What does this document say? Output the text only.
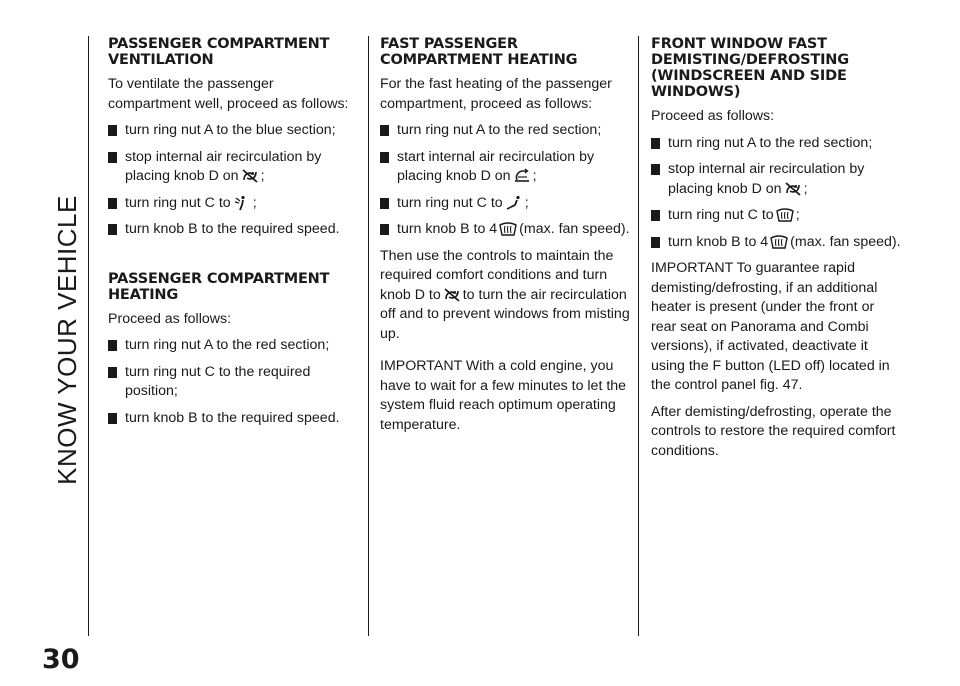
KNOW YOUR VEHICLE
30
PASSENGER COMPARTMENT VENTILATION

To ventilate the passenger compartment well, proceed as follows:

turn ring nut A to the blue section;
stop internal air recirculation by placing knob D on ;
turn ring nut C to ;
turn knob B to the required speed.
PASSENGER COMPARTMENT HEATING

Proceed as follows:

turn ring nut A to the red section;
turn ring nut C to the required position;
turn knob B to the required speed.
FAST PASSENGER COMPARTMENT HEATING

For the fast heating of the passenger compartment, proceed as follows:

turn ring nut A to the red section;
start internal air recirculation by placing knob D on ;
turn ring nut C to ;
turn knob B to 4 (max. fan speed).

Then use the controls to maintain the required comfort conditions and turn knob D to to turn the air recirculation off and to prevent windows from misting up.

IMPORTANT With a cold engine, you have to wait for a few minutes to let the system fluid reach optimum operating temperature.

FRONT WINDOW FAST DEMISTING/DEFROSTING (WINDSCREEN AND SIDE WINDOWS)

Proceed as follows:

turn ring nut A to the red section;
stop internal air recirculation by placing knob D on ;
turn ring nut C to ;
turn knob B to 4 (max. fan speed).

IMPORTANT To guarantee rapid demisting/defrosting, if an additional heater is present (under the front or rear seat on Panorama and Combi versions), if activated, deactivate it using the F button (LED off) located in the control panel fig. 47.

After demisting/defrosting, operate the controls to restore the required comfort conditions.
